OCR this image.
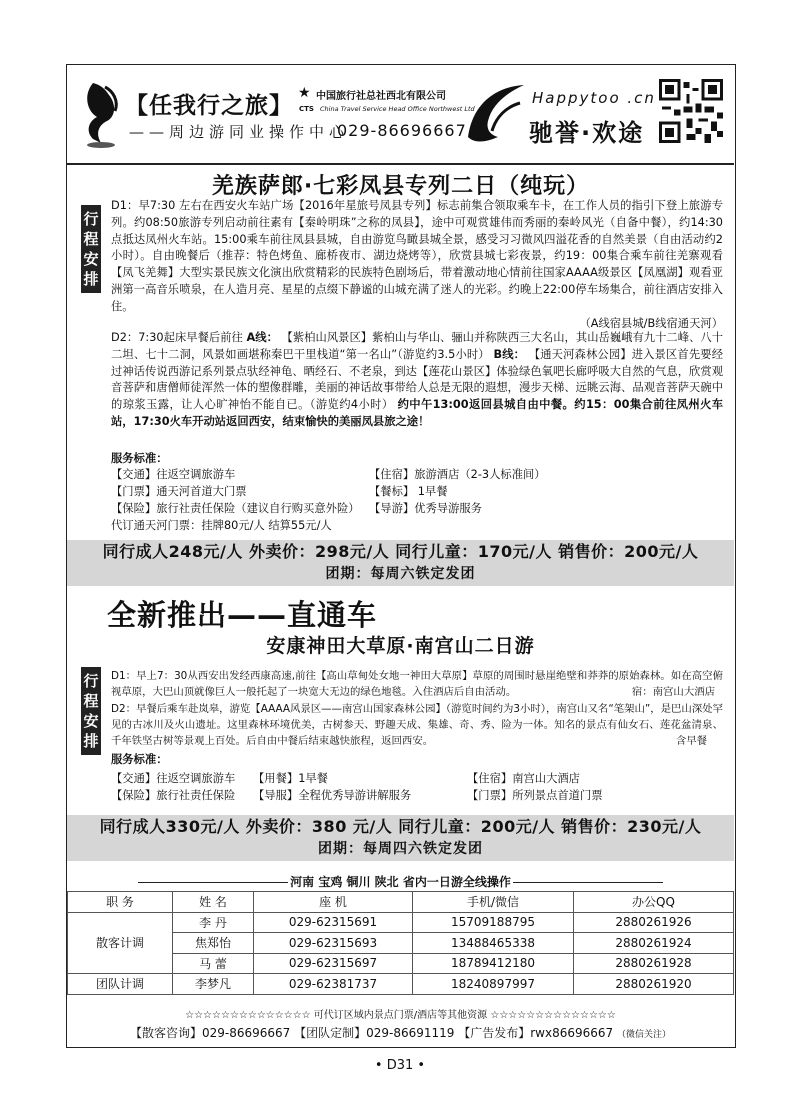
【任我行之旅】
——周边游同业操作中心
★ 中国旅行社总社西北有限公司
CTS China Travel Service Head Office Northwest Ltd
029-86696667
Happytoo .cn
驰誉·欢途
羌族萨郎·七彩凤县专列二日（纯玩）
行程安排
D1：早7:30 左右在西安火车站广场【2016年星旅号凤县专列】标志前集合领取乘车卡，在工作人员的指引下登上旅游专列。约08:50旅游专列启动前往素有【秦岭明珠”之称的凤县】，途中可观赏雄伟而秀丽的秦岭风光（自备中餐），约14:30点抵达凤州火车站。15:00乘车前往凤县县城，自由游览鸟瞰县城全景，感受习习微风四溢花香的自然美景（自由活动约2小时）。自由晚餐后（推荐：特色烤鱼、廊桥夜市、湖边烧烤等），欣赏县城七彩夜景，约19：00集合乘车前往羌寨观看【凤飞羌舞】大型实景民族文化演出欣赏精彩的民族特色剧场后，带着激动地心情前往国家AAAA级景区【凤凰湖】观看亚洲第一高音乐喷泉，在人造月亮、星星的点缀下静谧的山城充满了迷人的光彩。约晚上22:00停车场集合，前往酒店安排入住。
（A线宿县城/B线宿通天河）
D2：7:30起床早餐后前往 A线： 【紫柏山风景区】紫柏山与华山、骊山并称陕西三大名山，其山岳巍峨有九十二峰、八十二坦、七十二洞，风景如画堪称秦巴干里栈道“第一名山”（游览约3.5小时） B线： 【通天河森林公园】进入景区首先要经过神话传说西游记系列景点驮经神龟、晒经石、不老泉，到达【莲花山景区】体验绿色氧吧长廊呼吸大自然的气息，欣赏观音菩萨和唐僧师徒浑然一体的塑像群雕，美丽的神话故事带给人总是无限的遐想，漫步天梯、远眺云海、品观音菩萨天碗中的琼浆玉露，让人心旷神怡不能自已。（游览约4小时） 约中午13:00返回县城自由中餐。约15：00集合前往凤州火车站，17:30火车开动站返回西安，结束愉快的美丽凤县旅之途！
服务标准：
【交通】往返空调旅游车	【住宿】旅游酒店（2-3人标准间）
【门票】通天河首道大门票	【餐标】 1早餐
【保险】旅行社责任保险（建议自行购买意外险） 【导游】优秀导游服务
代订通天河门票：挂牌80元/人 结算55元/人
同行成人248元/人 外卖价：298元/人 同行儿童：170元/人 销售价：200元/人
团期：每周六铁定发团
全新推出——直通车
安康神田大草原·南宫山二日游
行程安排
D1：早上7：30从西安出发经西康高速,前往【高山草甸处女地一神田大草原】草原的周围时悬崖绝壁和莽莽的原始森林。如在高空俯视草原，大巴山顶就像巨人一般托起了一块宽大无边的绿色地毯。入住酒店后自由活动。	宿：南宫山大酒店
D2：早餐后乘车赴岚皋，游览【AAAA风景区——南宫山国家森林公园】（游览时间约为3小时），南宫山又名“笔架山”，是巴山深处罕见的古冰川及火山遗址。这里森林环境优美，古树参天、野趣天成、集雄、奇、秀、险为一体。知名的景点有仙女石、莲花盆清泉、千年铁坚古树等景观上百处。后自由中餐后结束越快旅程，返回西安。	含早餐
服务标准：
【交通】往返空调旅游车 【用餐】1早餐	【住宿】南宫山大酒店
【保险】旅行社责任保险 【导服】全程优秀导游讲解服务	【门票】所列景点首道门票
同行成人330元/人 外卖价：380 元/人 同行儿童：200元/人 销售价：230元/人
团期：每周四六铁定发团
河南 宝鸡 铜川 陕北 省内一日游全线操作
职 务	姓 名	座 机	手机/微信	办公QQ
散客计调	李 丹	029-62315691	15709188795	2880261926
	焦郑怡	029-62315693	13488465338	2880261924
	马 蕾	029-62315697	18789412180	2880261928
团队计调	李梦凡	029-62381737	18240897997	2880261920
☆☆☆☆☆☆☆☆☆☆☆☆☆☆ 可代订区域内景点门票/酒店等其他资源 ☆☆☆☆☆☆☆☆☆☆☆☆☆☆
【散客咨询】029-86696667 【团队定制】029-86691119 【广告发布】rwx86696667 （微信关注）
• D31 •
